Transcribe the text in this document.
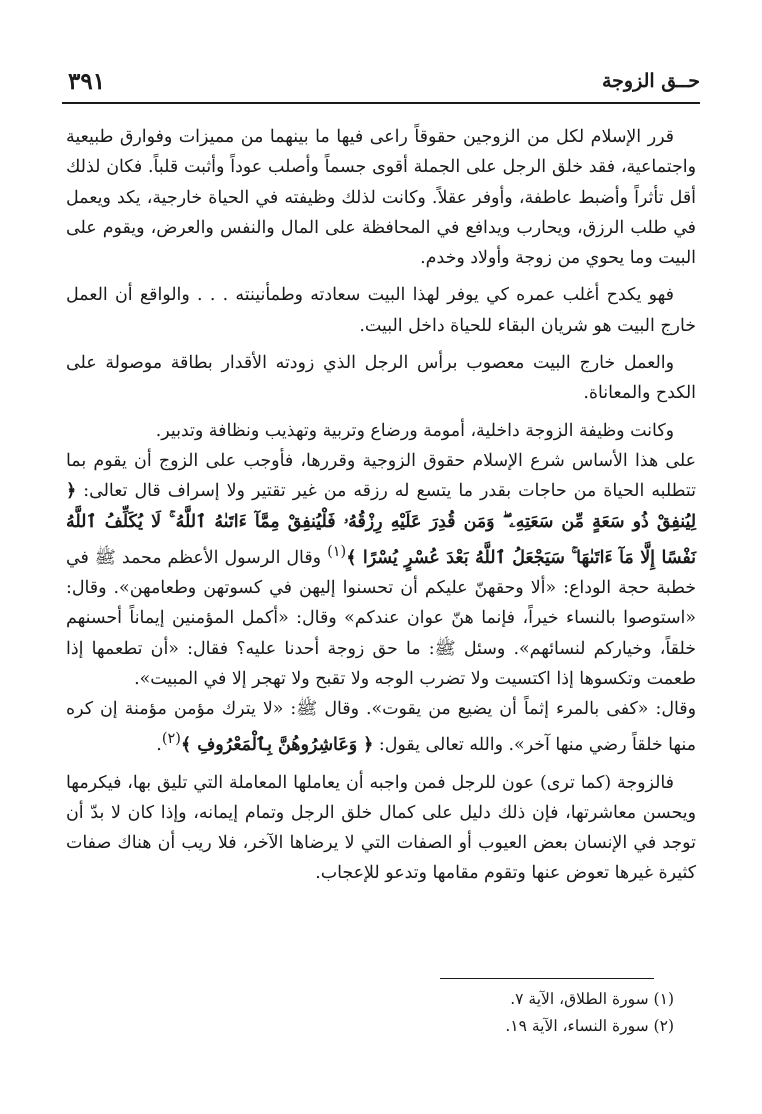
حــق الزوجة
٣٩١

قرر الإسلام لكل من الزوجين حقوقاً راعى فيها ما بينهما من مميزات وفوارق طبيعية واجتماعية، فقد خلق الرجل على الجملة أقوى جسماً وأصلب عوداً وأثبت قلباً. فكان لذلك أقل تأثراً وأضبط عاطفة، وأوفر عقلاً. وكانت لذلك وظيفته في الحياة خارجية، يكد ويعمل في طلب الرزق، ويحارب ويدافع في المحافظة على المال والنفس والعرض، ويقوم على البيت وما يحوي من زوجة وأولاد وخدم.

فهو يكدح أغلب عمره كي يوفر لهذا البيت سعادته وطمأنينته . . . والواقع أن العمل خارج البيت هو شريان البقاء للحياة داخل البيت.

والعمل خارج البيت معصوب برأس الرجل الذي زودته الأقدار بطاقة موصولة على الكدح والمعاناة.

وكانت وظيفة الزوجة داخلية، أمومة ورضاع وتربية وتهذيب ونظافة وتدبير.

على هذا الأساس شرع الإسلام حقوق الزوجية وقررها، فأوجب على الزوج أن يقوم بما تتطلبه الحياة من حاجات بقدر ما يتسع له رزقه من غير تقتير ولا إسراف قال تعالى: ﴿ لِيُنفِقْ ذُو سَعَةٍ مِّن سَعَتِهِۦ ۖ وَمَن قُدِرَ عَلَيْهِ رِزْقُهُۥ فَلْيُنفِقْ مِمَّآ ءَاتَىٰهُ ٱللَّهُ ۚ لَا يُكَلِّفُ ٱللَّهُ نَفْسًا إِلَّا مَآ ءَاتَىٰهَا ۚ سَيَجْعَلُ ٱللَّهُ بَعْدَ عُسْرٍ يُسْرًا ﴾$^{(١)}$ وقال الرسول الأعظم محمد ﷺ في خطبة حجة الوداع: «ألا وحقهنّ عليكم أن تحسنوا إليهن في كسوتهن وطعامهن». وقال: «استوصوا بالنساء خيراً، فإنما هنّ عوان عندكم» وقال: «أكمل المؤمنين إيماناً أحسنهم خلقاً، وخياركم لنسائهم». وسئل ﷺ: ما حق زوجة أحدنا عليه؟ فقال: «أن تطعمها إذا طعمت وتكسوها إذا اكتسيت ولا تضرب الوجه ولا تقبح ولا تهجر إلا في المبيت».

وقال: «كفى بالمرء إثماً أن يضيع من يقوت». وقال ﷺ: «لا يترك مؤمن مؤمنة إن كره منها خلقاً رضي منها آخر». والله تعالى يقول: ﴿ وَعَاشِرُوهُنَّ بِٱلْمَعْرُوفِ ﴾$^{(٢)}$.

فالزوجة (كما ترى) عون للرجل فمن واجبه أن يعاملها المعاملة التي تليق بها، فيكرمها ويحسن معاشرتها، فإن ذلك دليل على كمال خلق الرجل وتمام إيمانه، وإذا كان لا بدّ أن توجد في الإنسان بعض العيوب أو الصفات التي لا يرضاها الآخر، فلا ريب أن هناك صفات كثيرة غيرها تعوض عنها وتقوم مقامها وتدعو للإعجاب.

(١) سورة الطلاق، الآية ٧.
(٢) سورة النساء، الآية ١٩.
